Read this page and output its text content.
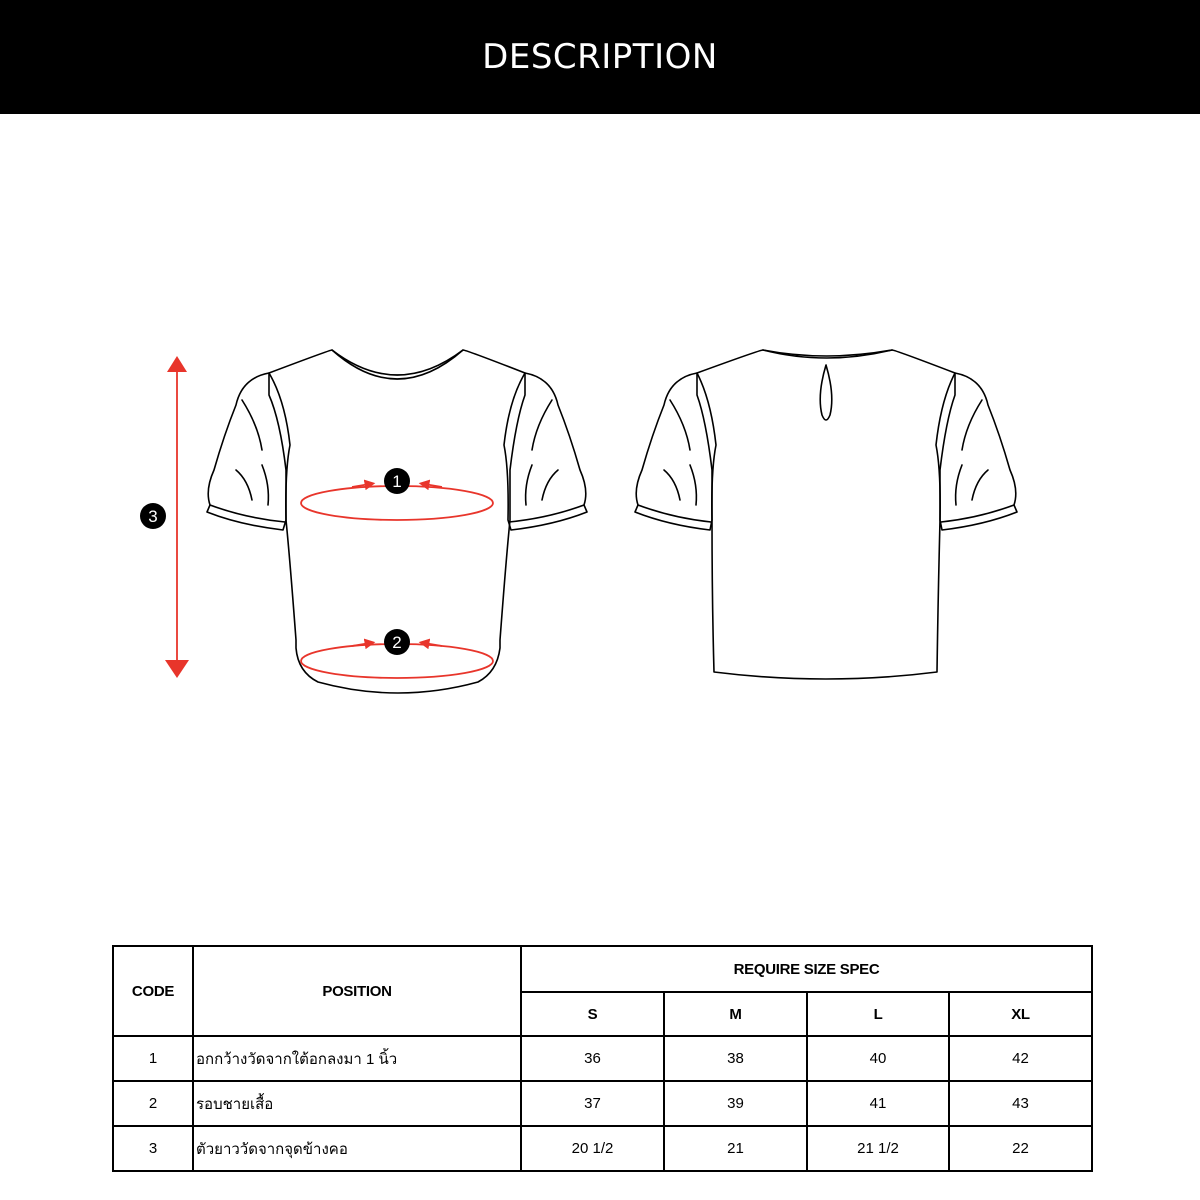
DESCRIPTION
1
2
3
CODE	POSITION	REQUIRE SIZE SPEC			
		S	M	L	XL
1	อกกว้างวัดจากใต้อกลงมา 1 นิ้ว	36	38	40	42
2	รอบชายเสื้อ	37	39	41	43
3	ตัวยาววัดจากจุดข้างคอ	20 1/2	21	21 1/2	22
